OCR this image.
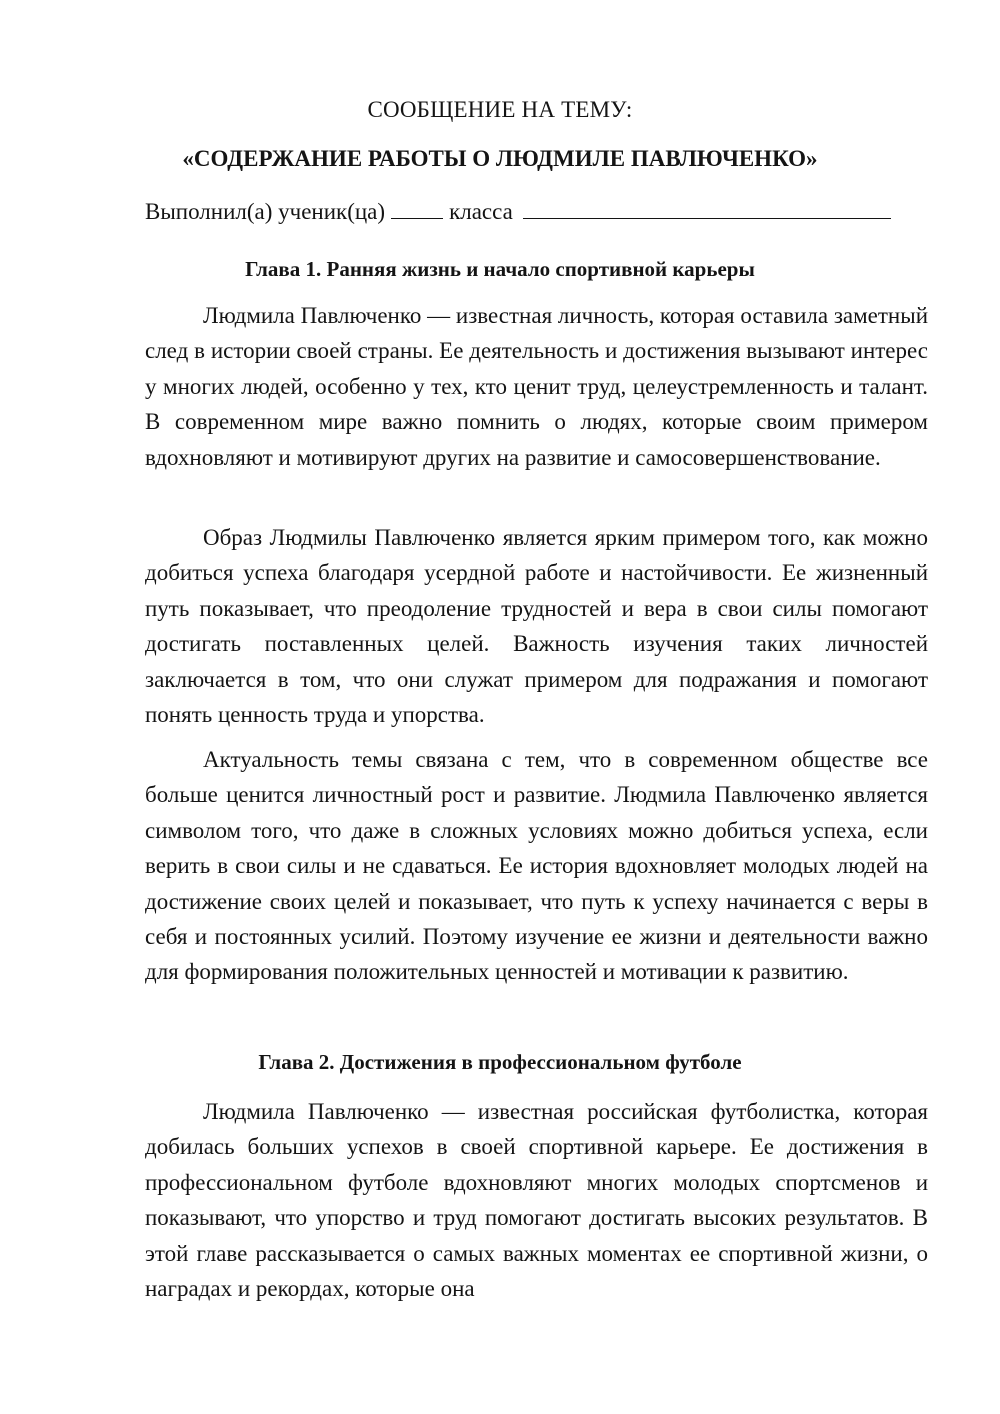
СООБЩЕНИЕ НА ТЕМУ:
«СОДЕРЖАНИЕ РАБОТЫ О ЛЮДМИЛЕ ПАВЛЮЧЕНКО»
Выполнил(а) ученик(ца)	класса
Глава 1. Ранняя жизнь и начало спортивной карьеры

Людмила Павлюченко — известная личность, которая оставила заметный след в истории своей страны. Ее деятельность и достижения вызывают интерес у многих людей, особенно у тех, кто ценит труд, целеустремленность и талант. В современном мире важно помнить о людях, которые своим примером вдохновляют и мотивируют других на развитие и самосовершенствование.

Образ Людмилы Павлюченко является ярким примером того, как можно добиться успеха благодаря усердной работе и настойчивости. Ее жизненный путь показывает, что преодоление трудностей и вера в свои силы помогают достигать поставленных целей. Важность изучения таких личностей заключается в том, что они служат примером для подражания и помогают понять ценность труда и упорства.

Актуальность темы связана с тем, что в современном обществе все больше ценится личностный рост и развитие. Людмила Павлюченко является символом того, что даже в сложных условиях можно добиться успеха, если верить в свои силы и не сдаваться. Ее история вдохновляет молодых людей на достижение своих целей и показывает, что путь к успеху начинается с веры в себя и постоянных усилий. Поэтому изучение ее жизни и деятельности важно для формирования положительных ценностей и мотивации к развитию.

Глава 2. Достижения в профессиональном футболе

Людмила Павлюченко — известная российская футболистка, которая добилась больших успехов в своей спортивной карьере. Ее достижения в профессиональном футболе вдохновляют многих молодых спортсменов и показывают, что упорство и труд помогают достигать высоких результатов. В этой главе рассказывается о самых важных моментах ее спортивной жизни, о наградах и рекордах, которые она
